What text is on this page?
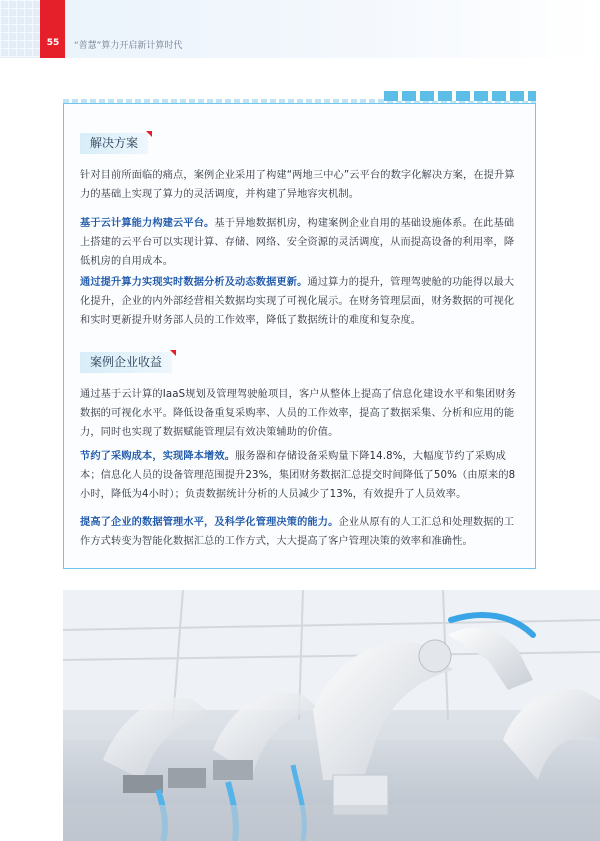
55	“普慧”算力开启新计算时代
解决方案

针对目前所面临的痛点，案例企业采用了构建“两地三中心”云平台的数字化解决方案，在提升算力的基础上实现了算力的灵活调度，并构建了异地容灾机制。

基于云计算能力构建云平台。基于异地数据机房，构建案例企业自用的基础设施体系。在此基础上搭建的云平台可以实现计算、存储、网络、安全资源的灵活调度，从而提高设备的利用率，降低机房的自用成本。

通过提升算力实现实时数据分析及动态数据更新。通过算力的提升，管理驾驶舱的功能得以最大化提升，企业的内外部经营相关数据均实现了可视化展示。在财务管理层面，财务数据的可视化和实时更新提升财务部人员的工作效率，降低了数据统计的难度和复杂度。

案例企业收益

通过基于云计算的IaaS规划及管理驾驶舱项目，客户从整体上提高了信息化建设水平和集团财务数据的可视化水平。降低设备重复采购率、人员的工作效率，提高了数据采集、分析和应用的能力，同时也实现了数据赋能管理层有效决策辅助的价值。

节约了采购成本，实现降本增效。服务器和存储设备采购量下降14.8%，大幅度节约了采购成本；信息化人员的设备管理范围提升23%，集团财务数据汇总提交时间降低了50%（由原来的8小时，降低为4小时）；负责数据统计分析的人员减少了13%，有效提升了人员效率。

提高了企业的数据管理水平，及科学化管理决策的能力。企业从原有的人工汇总和处理数据的工作方式转变为智能化数据汇总的工作方式，大大提高了客户管理决策的效率和准确性。
